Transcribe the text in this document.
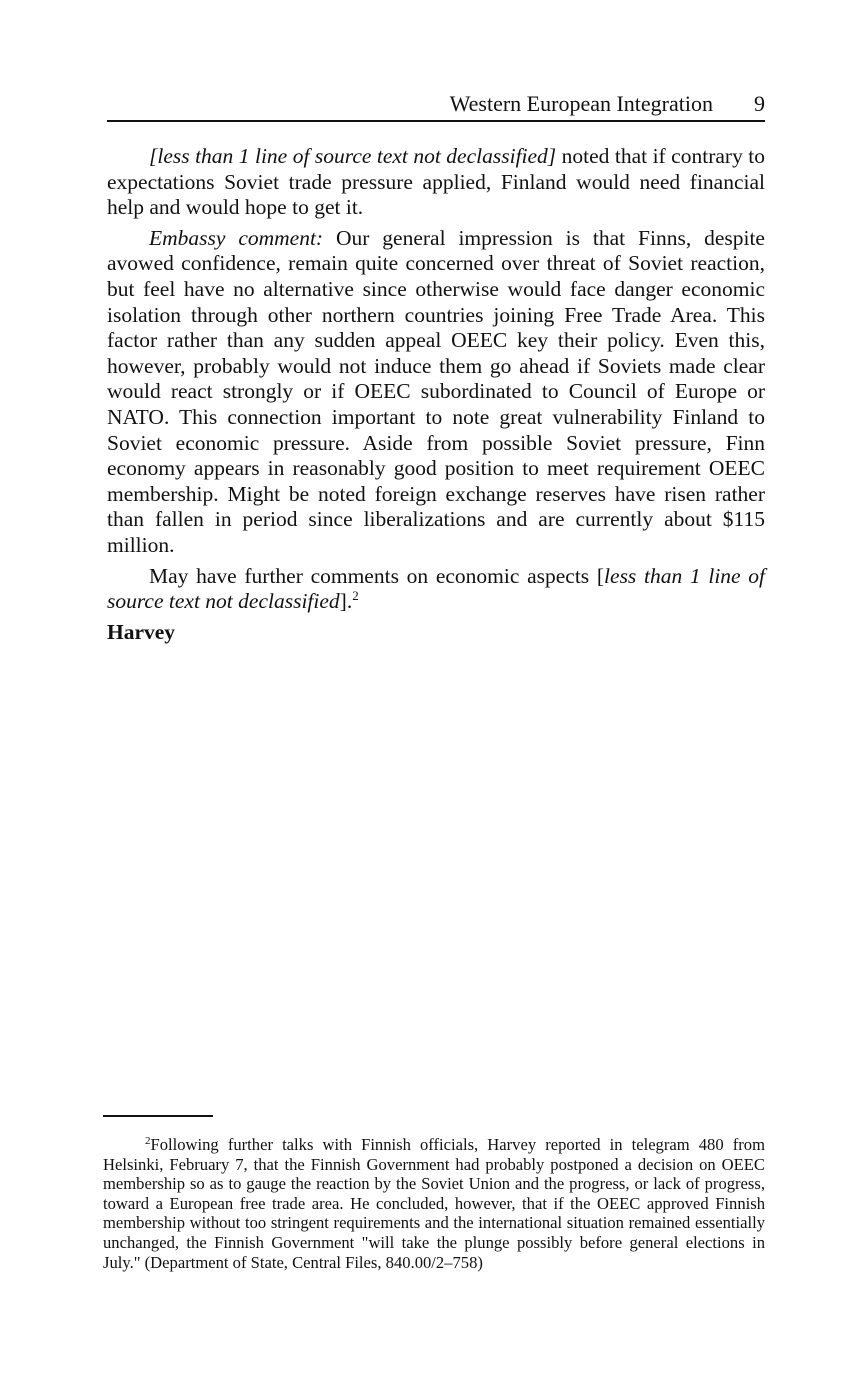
Western European Integration 9

[less than 1 line of source text not declassified] noted that if contrary to expectations Soviet trade pressure applied, Finland would need financial help and would hope to get it.

Embassy comment: Our general impression is that Finns, despite avowed confidence, remain quite concerned over threat of Soviet reaction, but feel have no alternative since otherwise would face danger economic isolation through other northern countries joining Free Trade Area. This factor rather than any sudden appeal OEEC key their policy. Even this, however, probably would not induce them go ahead if Soviets made clear would react strongly or if OEEC subordinated to Council of Europe or NATO. This connection important to note great vulnerability Finland to Soviet economic pressure. Aside from possible Soviet pressure, Finn economy appears in reasonably good position to meet requirement OEEC membership. Might be noted foreign exchange reserves have risen rather than fallen in period since liberalizations and are currently about $115 million.

May have further comments on economic aspects [less than 1 line of source text not declassified].$^2$

Harvey

$^2$Following further talks with Finnish officials, Harvey reported in telegram 480 from Helsinki, February 7, that the Finnish Government had probably postponed a decision on OEEC membership so as to gauge the reaction by the Soviet Union and the progress, or lack of progress, toward a European free trade area. He concluded, however, that if the OEEC approved Finnish membership without too stringent requirements and the international situation remained essentially unchanged, the Finnish Government "will take the plunge possibly before general elections in July." (Department of State, Central Files, 840.00/2–758)
